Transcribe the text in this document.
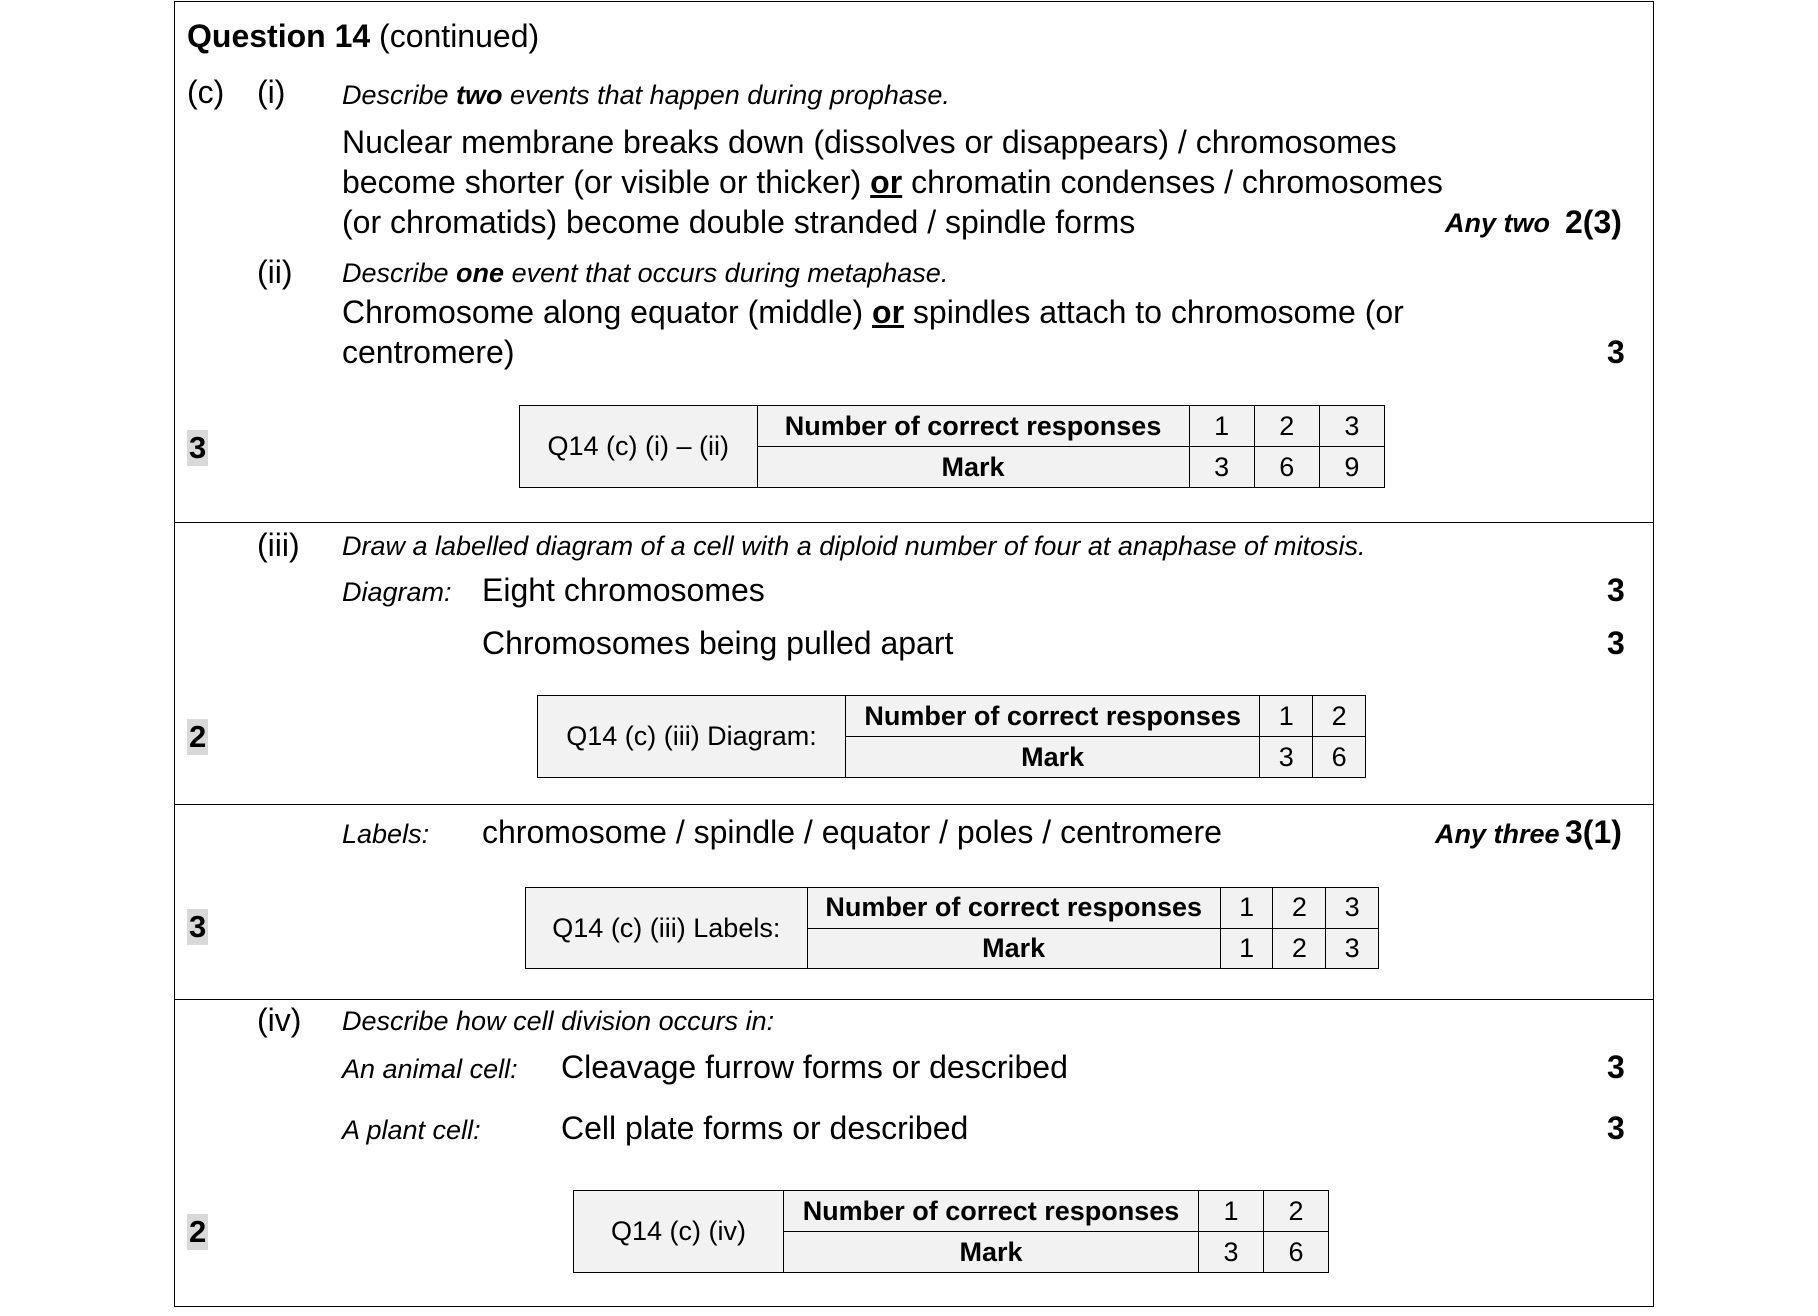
Question 14 (continued)
(c) (i) Describe two events that happen during prophase.
Nuclear membrane breaks down (dissolves or disappears) / chromosomes
become shorter (or visible or thicker) or chromatin condenses / chromosomes
(or chromatids) become double stranded / spindle forms	Any two 2(3)
(ii) Describe one event that occurs during metaphase.
Chromosome along equator (middle) or spindles attach to chromosome (or
centromere)	3
3	Q14 (c) (i) – (ii)	Number of correct responses	1	2	3
	Mark	3	6	9
(iii) Draw a labelled diagram of a cell with a diploid number of four at anaphase of mitosis.
Diagram: Eight chromosomes	3
Chromosomes being pulled apart	3
2	Q14 (c) (iii) Diagram:	Number of correct responses	1	2
	Mark	3	6
Labels: chromosome / spindle / equator / poles / centromere	Any three 3(1)
3	Q14 (c) (iii) Labels:	Number of correct responses	1	2	3
	Mark	1	2	3
(iv) Describe how cell division occurs in:
An animal cell: Cleavage furrow forms or described	3
A plant cell:	Cell plate forms or described	3
2	Q14 (c) (iv)	Number of correct responses	1	2
	Mark	3	6
